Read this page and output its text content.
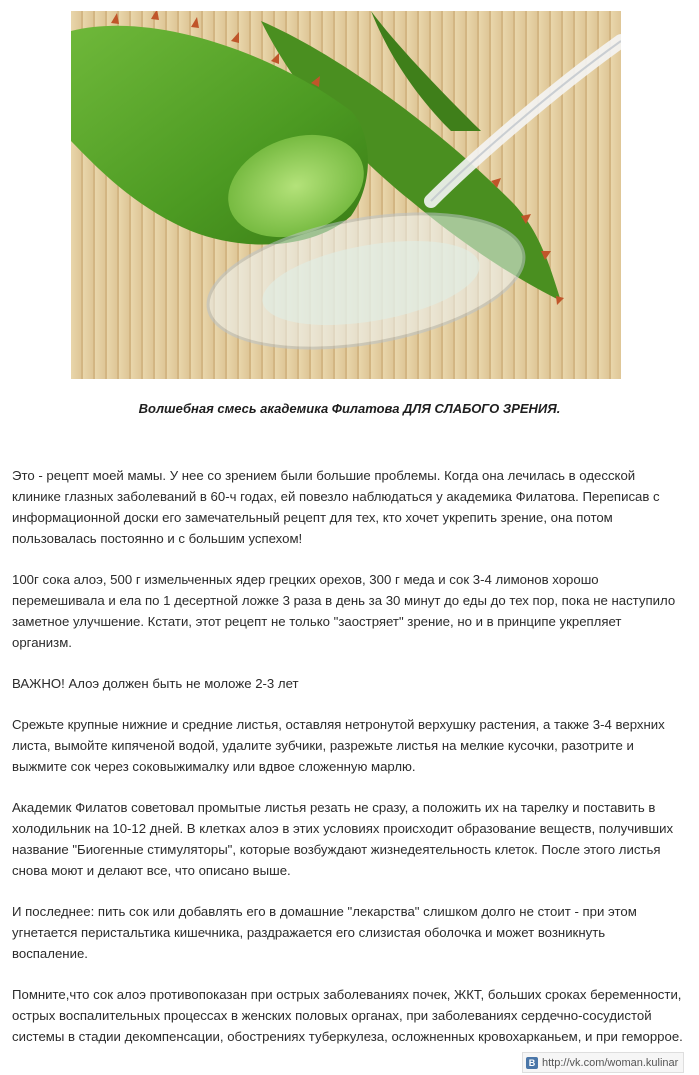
Волшебная смесь академика Филатова ДЛЯ СЛАБОГО ЗРЕНИЯ.

Это - рецепт моей мамы. У нее со зрением были большие проблемы. Когда она лечилась в одесской клинике глазных заболеваний в 60-ч годах, ей повезло наблюдаться у академика Филатова. Переписав с информационной доски его замечательный рецепт для тех, кто хочет укрепить зрение, она потом пользовалась постоянно и с большим успехом!

100г сока алоэ, 500 г измельченных ядер грецких орехов, 300 г меда и сок 3-4 лимонов хорошо перемешивала и ела по 1 десертной ложке 3 раза в день за 30 минут до еды до тех пор, пока не наступило заметное улучшение. Кстати, этот рецепт не только "заостряет" зрение, но и в принципе укрепляет организм.

ВАЖНО! Алоэ должен быть не моложе 2-3 лет

Срежьте крупные нижние и средние листья, оставляя нетронутой верхушку растения, а также 3-4 верхних листа, вымойте кипяченой водой, удалите зубчики, разрежьте листья на мелкие кусочки, разотрите и выжмите сок через соковыжималку или вдвое сложенную марлю.

Академик Филатов советовал промытые листья резать не сразу, а положить их на тарелку и поставить в холодильник на 10-12 дней. В клетках алоэ в этих условиях происходит образование веществ, получивших название "Биогенные стимуляторы", которые возбуждают жизнедеятельность клеток. После этого листья снова моют и делают все, что описано выше.

И последнее: пить сок или добавлять его в домашние "лекарства" слишком долго не стоит - при этом угнетается перистальтика кишечника, раздражается его слизистая оболочка и может возникнуть воспаление.

Помните,что сок алоэ противопоказан при острых заболеваниях почек, ЖКТ, больших сроках беременности, острых воспалительных процессах в женских половых органах, при заболеваниях сердечно-сосудистой системы в стадии декомпенсации, обострениях туберкулеза, осложненных кровохарканьем, и при геморрое.

B http://vk.com/woman.kulinar
